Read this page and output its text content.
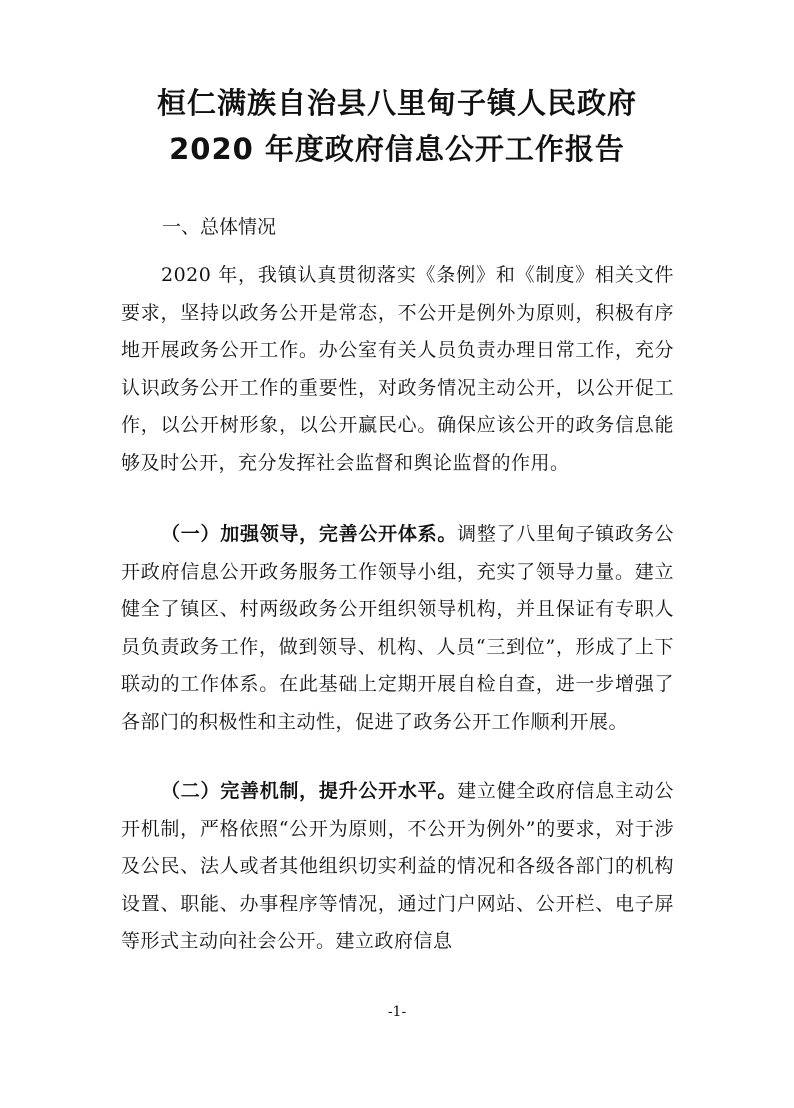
桓仁满族自治县八里甸子镇人民政府
2020 年度政府信息公开工作报告
一、总体情况

2020 年，我镇认真贯彻落实《条例》和《制度》相关文件要求，坚持以政务公开是常态，不公开是例外为原则，积极有序地开展政务公开工作。办公室有关人员负责办理日常工作，充分认识政务公开工作的重要性，对政务情况主动公开，以公开促工作，以公开树形象，以公开赢民心。确保应该公开的政务信息能够及时公开，充分发挥社会监督和舆论监督的作用。

（一）加强领导，完善公开体系。调整了八里甸子镇政务公开政府信息公开政务服务工作领导小组，充实了领导力量。建立健全了镇区、村两级政务公开组织领导机构，并且保证有专职人员负责政务工作，做到领导、机构、人员“三到位”，形成了上下联动的工作体系。在此基础上定期开展自检自查，进一步增强了各部门的积极性和主动性，促进了政务公开工作顺利开展。

（二）完善机制，提升公开水平。建立健全政府信息主动公开机制，严格依照“公开为原则，不公开为例外”的要求，对于涉及公民、法人或者其他组织切实利益的情况和各级各部门的机构设置、职能、办事程序等情况，通过门户网站、公开栏、电子屏等形式主动向社会公开。建立政府信息

-1-
